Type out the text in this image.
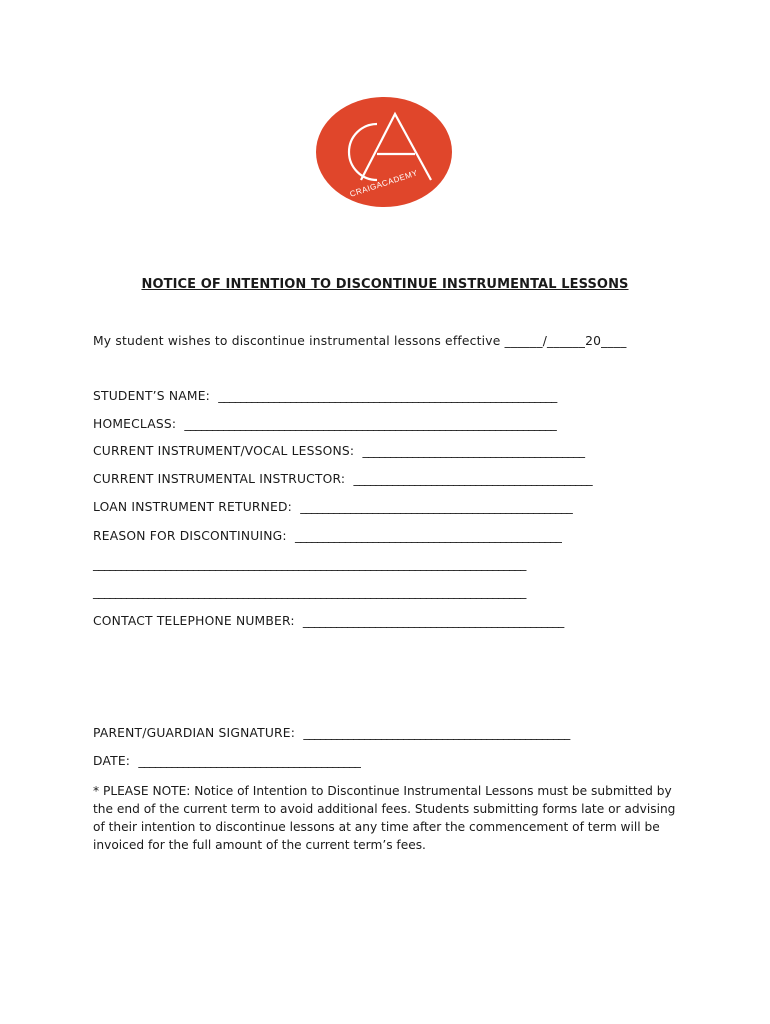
CRAIGACADEMY
NOTICE OF INTENTION TO DISCONTINUE INSTRUMENTAL LESSONS
My student wishes to discontinue instrumental lessons effective ______/______20____
STUDENT’S NAME: _____________________________________________________________
HOMECLASS: ___________________________________________________________________
CURRENT INSTRUMENT/VOCAL LESSONS: ________________________________________
CURRENT INSTRUMENTAL INSTRUCTOR: ___________________________________________
LOAN INSTRUMENT RETURNED: _________________________________________________
REASON FOR DISCONTINUING: ________________________________________________
______________________________________________________________________________
______________________________________________________________________________
CONTACT TELEPHONE NUMBER: _______________________________________________
PARENT/GUARDIAN SIGNATURE: ________________________________________________
DATE: ________________________________________
* PLEASE NOTE: Notice of Intention to Discontinue Instrumental Lessons must be submitted by the end of the current term to avoid additional fees. Students submitting forms late or advising of their intention to discontinue lessons at any time after the commencement of term will be invoiced for the full amount of the current term’s fees.
